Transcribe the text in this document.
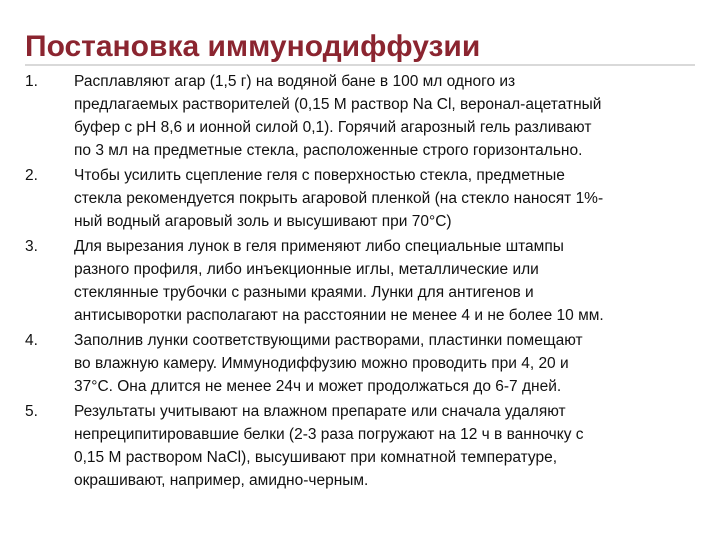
Постановка иммунодиффузии
1. Расплавляют агар (1,5 г) на водяной бане в 100 мл одного из
предлагаемых растворителей (0,15 М раствор Na Cl, веронал-ацетатный
буфер с pH 8,6 и ионной силой 0,1). Горячий агарозный гель разливают
по 3 мл на предметные стекла, расположенные строго горизонтально.
2. Чтобы усилить сцепление геля с поверхностью стекла, предметные
стекла рекомендуется покрыть агаровой пленкой (на стекло наносят 1%-
ный водный агаровый золь и высушивают при 70°С)
3. Для вырезания лунок в геля применяют либо специальные штампы
разного профиля, либо инъекционные иглы, металлические или
стеклянные трубочки с разными краями. Лунки для антигенов и
антисыворотки располагают на расстоянии не менее 4 и не более 10 мм.
4. Заполнив лунки соответствующими растворами, пластинки помещают
во влажную камеру. Иммунодиффузию можно проводить при 4, 20 и
37°С. Она длится не менее 24ч и может продолжаться до 6-7 дней.
5. Результаты учитывают на влажном препарате или сначала удаляют
непреципитировавшие белки (2-3 раза погружают на 12 ч в ванночку с
0,15 М раствором NaCl), высушивают при комнатной температуре,
окрашивают, например, амидно-черным.
